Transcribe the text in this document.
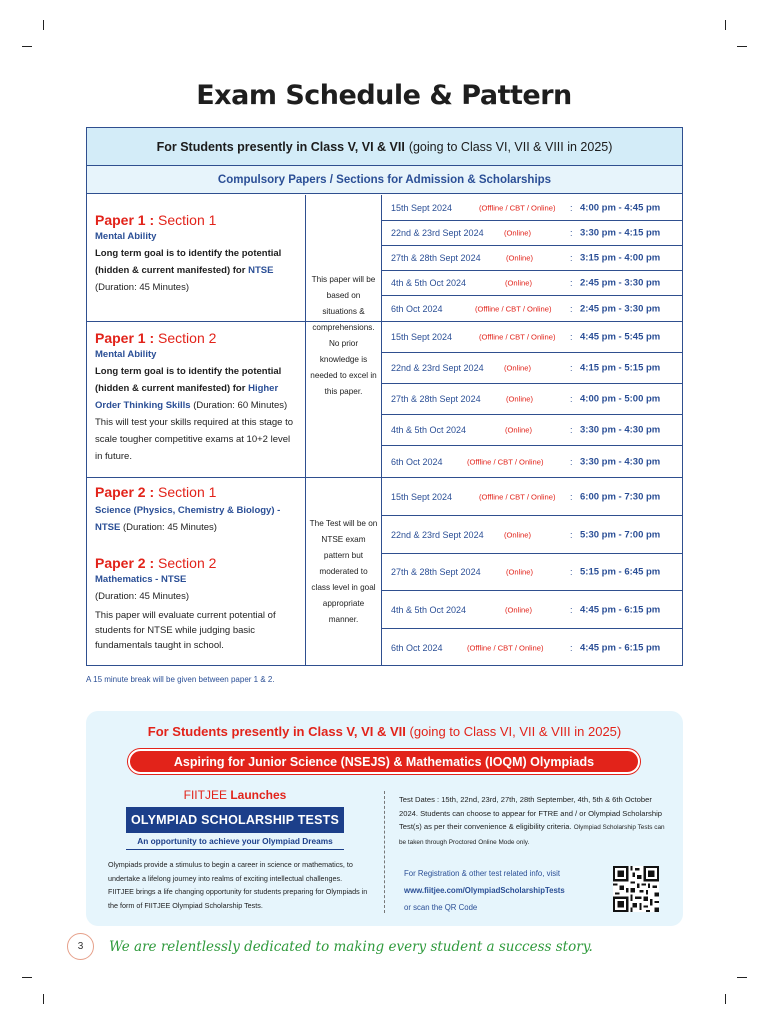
Exam Schedule & Pattern
For Students presently in Class V, VI & VII (going to Class VI, VII & VIII in 2025)
Compulsory Papers / Sections for Admission & Scholarships
Paper 1 : Section 1
Mental Ability
Long term goal is to identify the potential (hidden & current manifested) for NTSE
(Duration: 45 Minutes)
15th Sept 2024	(Offline / CBT / Online) : 4:00 pm - 4:45 pm
22nd & 23rd Sept 2024	(Online)	: 3:30 pm - 4:15 pm
27th & 28th Sept 2024	(Online)	: 3:15 pm - 4:00 pm
4th & 5th Oct 2024	(Online)	: 2:45 pm - 3:30 pm
6th Oct 2024	(Offline / CBT / Online) : 2:45 pm - 3:30 pm
Paper 1 : Section 2
Mental Ability
Long term goal is to identify the potential (hidden & current manifested) for Higher Order Thinking Skills (Duration: 60 Minutes)
This will test your skills required at this stage to scale tougher competitive exams at 10+2 level in future.
15th Sept 2024	(Offline / CBT / Online) : 4:45 pm - 5:45 pm
22nd & 23rd Sept 2024	(Online)	: 4:15 pm - 5:15 pm
27th & 28th Sept 2024	(Online)	: 4:00 pm - 5:00 pm
4th & 5th Oct 2024	(Online)	: 3:30 pm - 4:30 pm
6th Oct 2024	(Offline / CBT / Online)	: 3:30 pm - 4:30 pm
This paper will be based on situations & comprehensions. No prior knowledge is needed to excel in this paper.
Paper 2 : Section 1
Science (Physics, Chemistry & Biology) - NTSE (Duration: 45 Minutes)
Paper 2 : Section 2
Mathematics - NTSE
(Duration: 45 Minutes)
This paper will evaluate current potential of students for NTSE while judging basic fundamentals taught in school.
The Test will be on NTSE exam pattern but moderated to class level in goal appropriate manner.
15th Sept 2024	(Offline / CBT / Online) : 6:00 pm - 7:30 pm
22nd & 23rd Sept 2024	(Online)	: 5:30 pm - 7:00 pm
27th & 28th Sept 2024	(Online)	: 5:15 pm - 6:45 pm
4th & 5th Oct 2024	(Online)	: 4:45 pm - 6:15 pm
6th Oct 2024	(Offline / CBT / Online)	: 4:45 pm - 6:15 pm
A 15 minute break will be given between paper 1 & 2.
For Students presently in Class V, VI & VII (going to Class VI, VII & VIII in 2025)
Aspiring for Junior Science (NSEJS) & Mathematics (IOQM) Olympiads
FIITJEE Launches
OLYMPIAD SCHOLARSHIP TESTS
An opportunity to achieve your Olympiad Dreams
Olympiads provide a stimulus to begin a career in science or mathematics, to undertake a lifelong journey into realms of exciting intellectual challenges. FIITJEE brings a life changing opportunity for students preparing for Olympiads in the form of FIITJEE Olympiad Scholarship Tests.
Test Dates : 15th, 22nd, 23rd, 27th, 28th September, 4th, 5th & 6th October 2024. Students can choose to appear for FTRE and / or Olympiad Scholarship Test(s) as per their convenience & eligibility criteria. Olympiad Scholarship Tests can be taken through Proctored Online Mode only.
For Registration & other test related info, visit
www.fiitjee.com/OlympiadScholarshipTests
or scan the QR Code
3	We are relentlessly dedicated to making every student a success story.
